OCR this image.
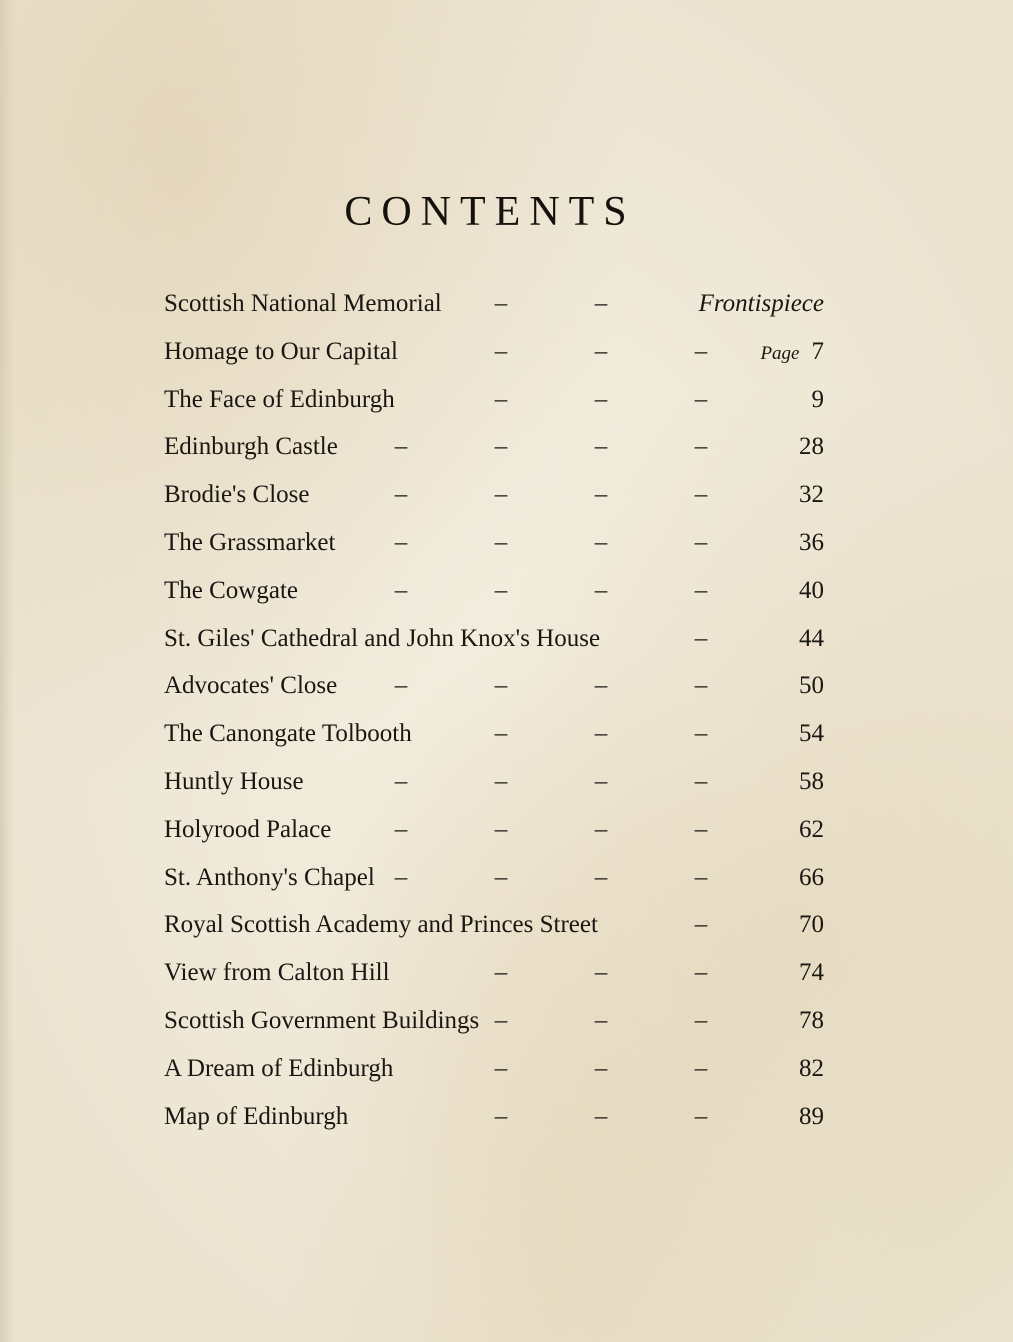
CONTENTS
Scottish National Memorial –	–	Frontispiece
Homage to Our Capital	–	–	–	Page 7
The Face of Edinburgh	–	–	–	9
Edinburgh Castle –	–	–	–	28
Brodie's Close	–	–	–	–	32
The Grassmarket –	–	–	–	36
The Cowgate	–	–	–	–	40
St. Giles' Cathedral and John Knox's House	–	44
Advocates' Close –	–	–	–	50
The Canongate Tolbooth	–	–	–	54
Huntly House	–	–	–	–	58
Holyrood Palace	–	–	–	–	62
St. Anthony's Chapel –	–	–	–	66
Royal Scottish Academy and Princes Street	–	70
View from Calton Hill	–	–	–	74
Scottish Government Buildings –	–	–	78
A Dream of Edinburgh	–	–	–	82
Map of Edinburgh	–	–	–	89
